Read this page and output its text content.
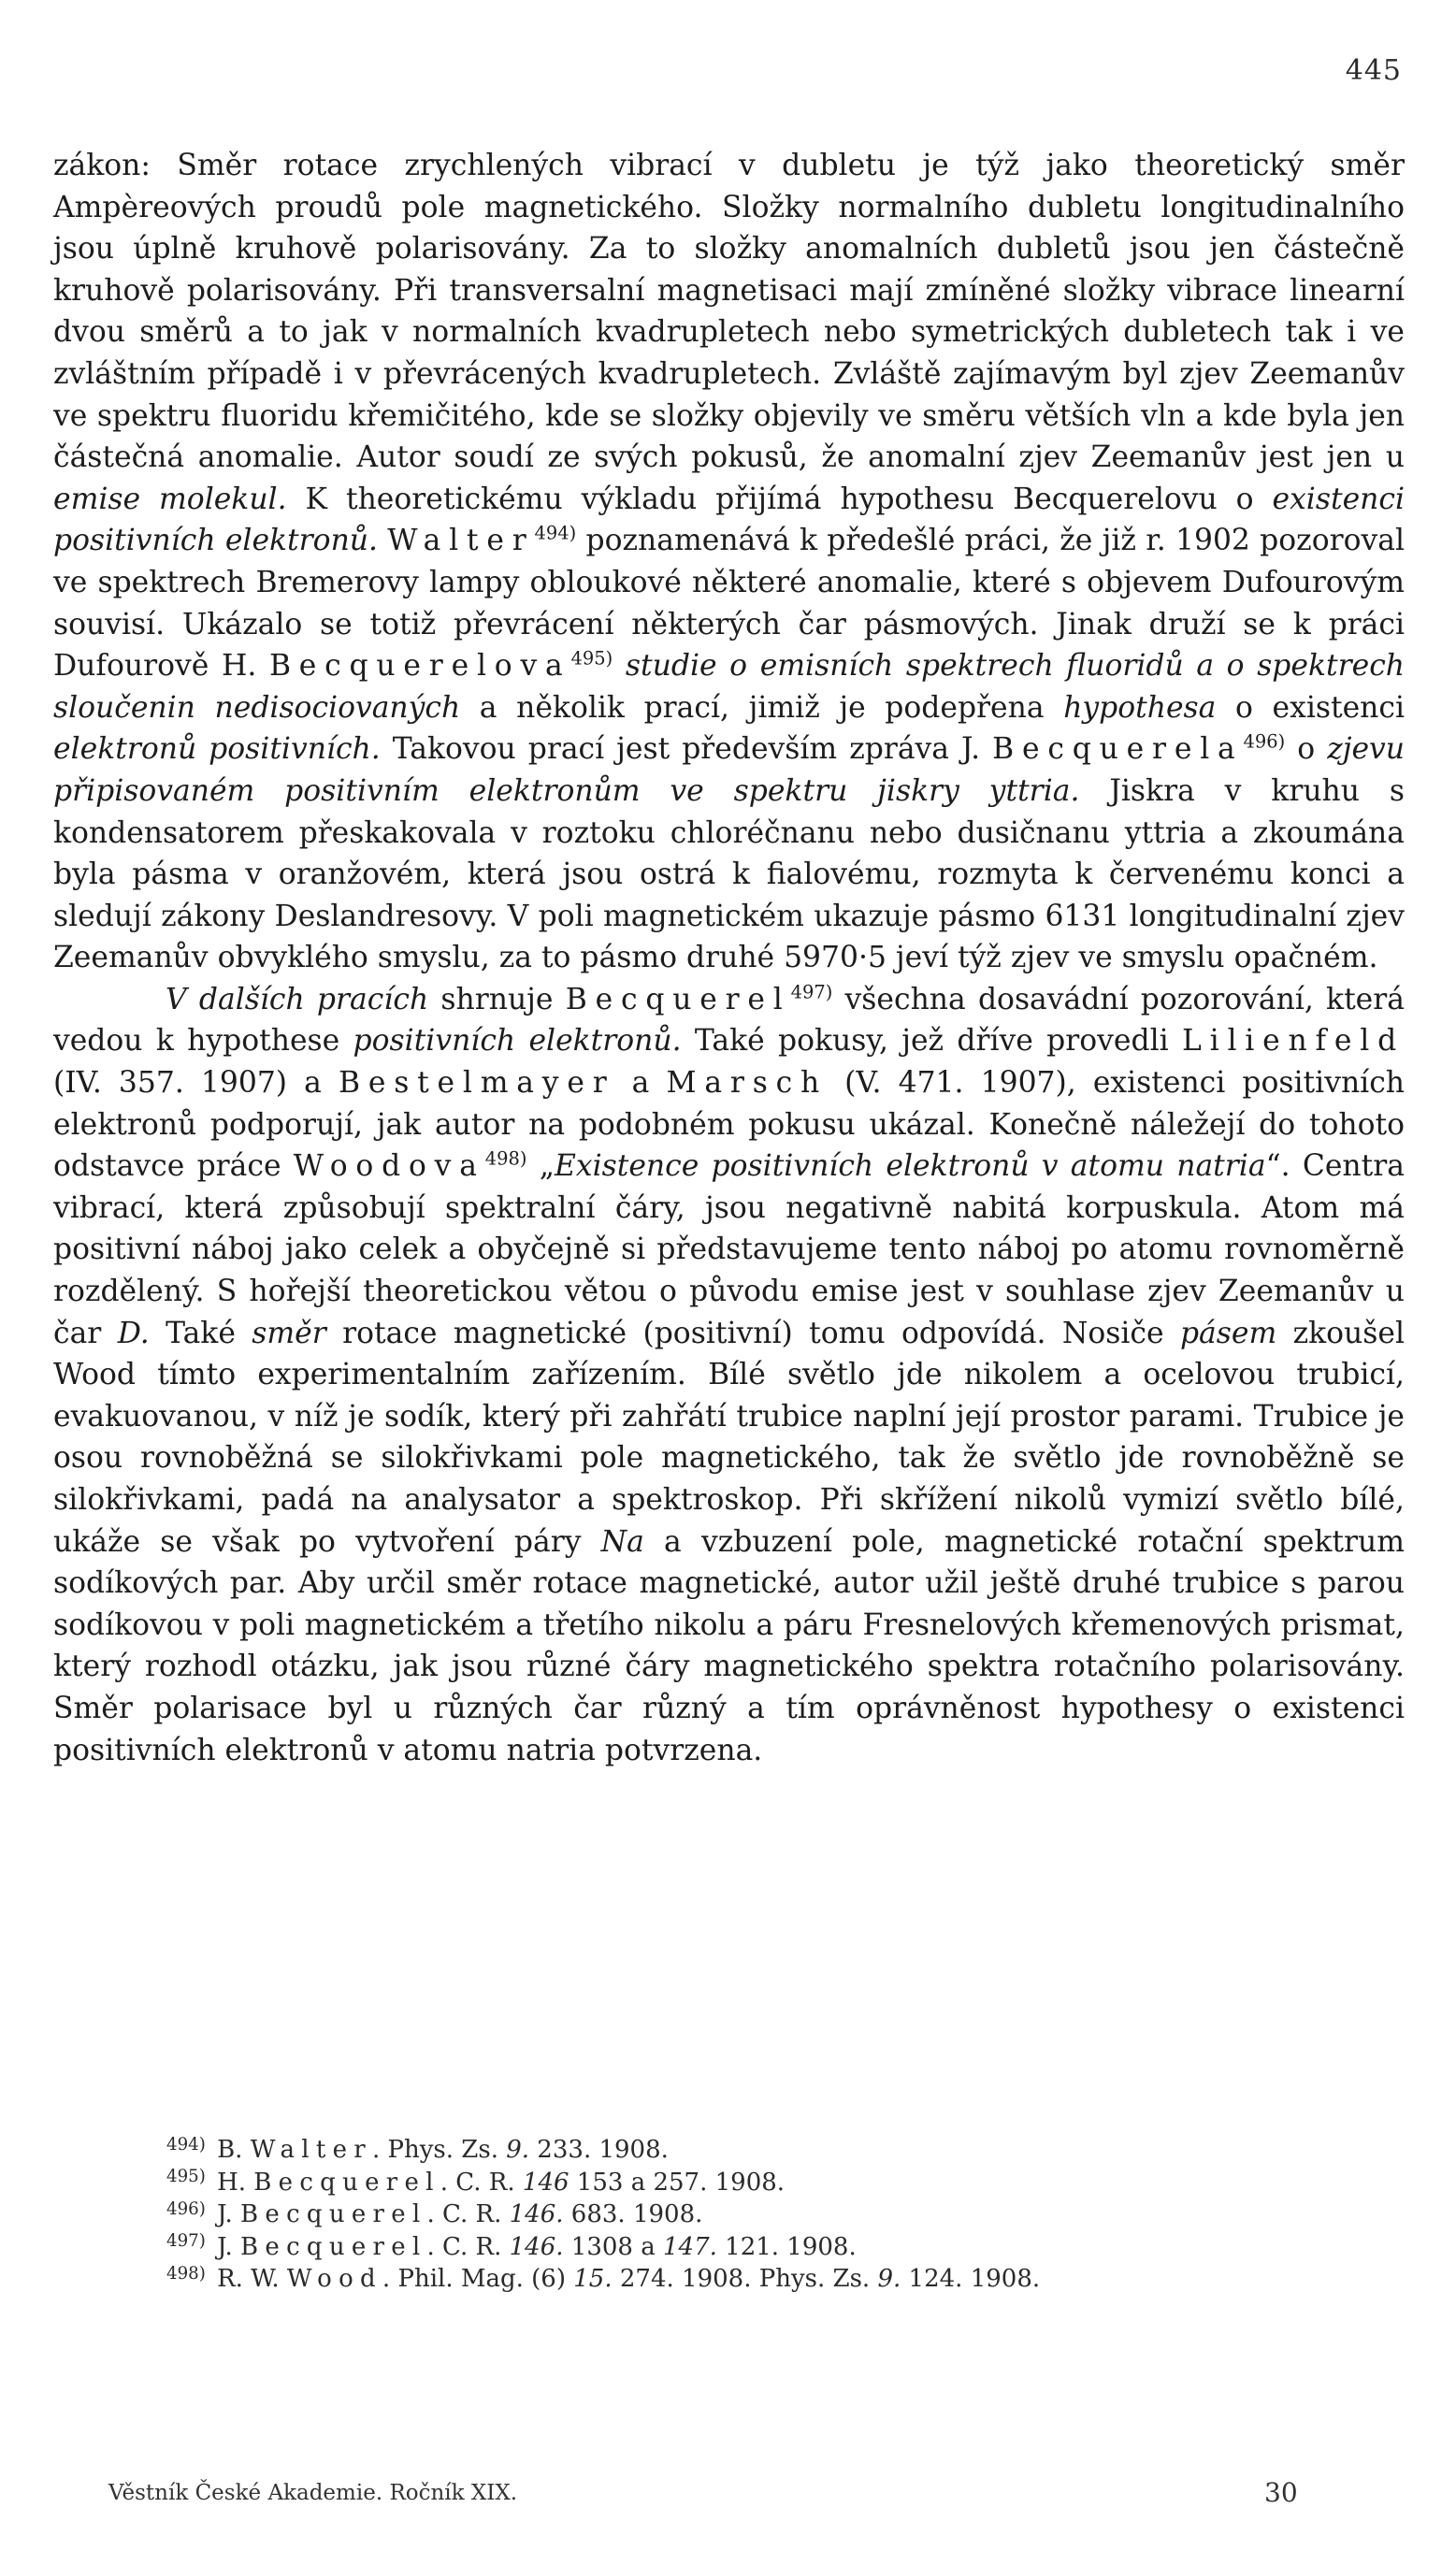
445

zákon: Směr rotace zrychlených vibrací v dubletu je týž jako theoretický směr Ampèreových proudů pole magnetického. Složky normalního dubletu longitudinalního jsou úplně kruhově polarisovány. Za to složky anomalních dubletů jsou jen částečně kruhově polarisovány. Při transversalní magnetisaci mají zmíněné složky vibrace linearní dvou směrů a to jak v normalních kvadrupletech nebo symetrických dubletech tak i ve zvláštním případě i v převrácených kvadrupletech. Zvláště zajímavým byl zjev Zeemanův ve spektru fluoridu křemičitého, kde se složky objevily ve směru větších vln a kde byla jen částečná anomalie. Autor soudí ze svých pokusů, že anomalní zjev Zeemanův jest jen u emise molekul. K theoretickému výkladu přijímá hypothesu Becquerelovu o existenci positivních elektronů. Walter$^{494)}$ poznamenává k předešlé práci, že již r. 1902 pozoroval ve spektrech Bremerovy lampy obloukové některé anomalie, které s objevem Dufourovým souvisí. Ukázalo se totiž převrácení některých čar pásmových. Jinak druží se k práci Dufourově H. Becquerelova$^{495)}$ studie o emisních spektrech fluoridů a o spektrech sloučenin nedisociovaných a několik prací, jimiž je podepřena hypothesa o existenci elektronů positivních. Takovou prací jest především zpráva J. Becquerela$^{496)}$ o zjevu připisovaném positivním elektronům ve spektru jiskry yttria. Jiskra v kruhu s kondensatorem přeskakovala v roztoku chloréčnanu nebo dusičnanu yttria a zkoumána byla pásma v oranžovém, která jsou ostrá k fialovému, rozmyta k červenému konci a sledují zákony Deslandresovy. V poli magnetickém ukazuje pásmo 6131 longitudinalní zjev Zeemanův obvyklého smyslu, za to pásmo druhé 5970·5 jeví týž zjev ve smyslu opačném.

V dalších pracích shrnuje Becquerel$^{497)}$ všechna dosavádní pozorování, která vedou k hypothese positivních elektronů. Také pokusy, jež dříve provedli Lilienfeld (IV. 357. 1907) a Bestelmayer a Marsch (V. 471. 1907), existenci positivních elektronů podporují, jak autor na podobném pokusu ukázal. Konečně náležejí do tohoto odstavce práce Woodova$^{498)}$ „Existence positivních elektronů v atomu natria“. Centra vibrací, která způsobují spektralní čáry, jsou negativně nabitá korpuskula. Atom má positivní náboj jako celek a obyčejně si představujeme tento náboj po atomu rovnoměrně rozdělený. S hořejší theoretickou větou o původu emise jest v souhlase zjev Zeemanův u čar D. Také směr rotace magnetické (positivní) tomu odpovídá. Nosiče pásem zkoušel Wood tímto experimentalním zařízením. Bílé světlo jde nikolem a ocelovou trubicí, evakuovanou, v níž je sodík, který při zahřátí trubice naplní její prostor parami. Trubice je osou rovnoběžná se silokřivkami pole magnetického, tak že světlo jde rovnoběžně se silokřivkami, padá na analysator a spektroskop. Při skřížení nikolů vymizí světlo bílé, ukáže se však po vytvoření páry Na a vzbuzení pole, magnetické rotační spektrum sodíkových par. Aby určil směr rotace magnetické, autor užil ještě druhé trubice s parou sodíkovou v poli magnetickém a třetího nikolu a páru Fresnelových křemenových prismat, který rozhodl otázku, jak jsou různé čáry magnetického spektra rotačního polarisovány. Směr polarisace byl u různých čar různý a tím oprávněnost hypothesy o existenci positivních elektronů v atomu natria potvrzena.

$^{494)}$ B. Walter. Phys. Zs. 9. 233. 1908.
$^{495)}$ H. Becquerel. C. R. 146 153 a 257. 1908.
$^{496)}$ J. Becquerel. C. R. 146. 683. 1908.
$^{497)}$ J. Becquerel. C. R. 146. 1308 a 147. 121. 1908.
$^{498)}$ R. W. Wood. Phil. Mag. (6) 15. 274. 1908. Phys. Zs. 9. 124. 1908.
Věstník České Akademie. Ročník XIX.	30
